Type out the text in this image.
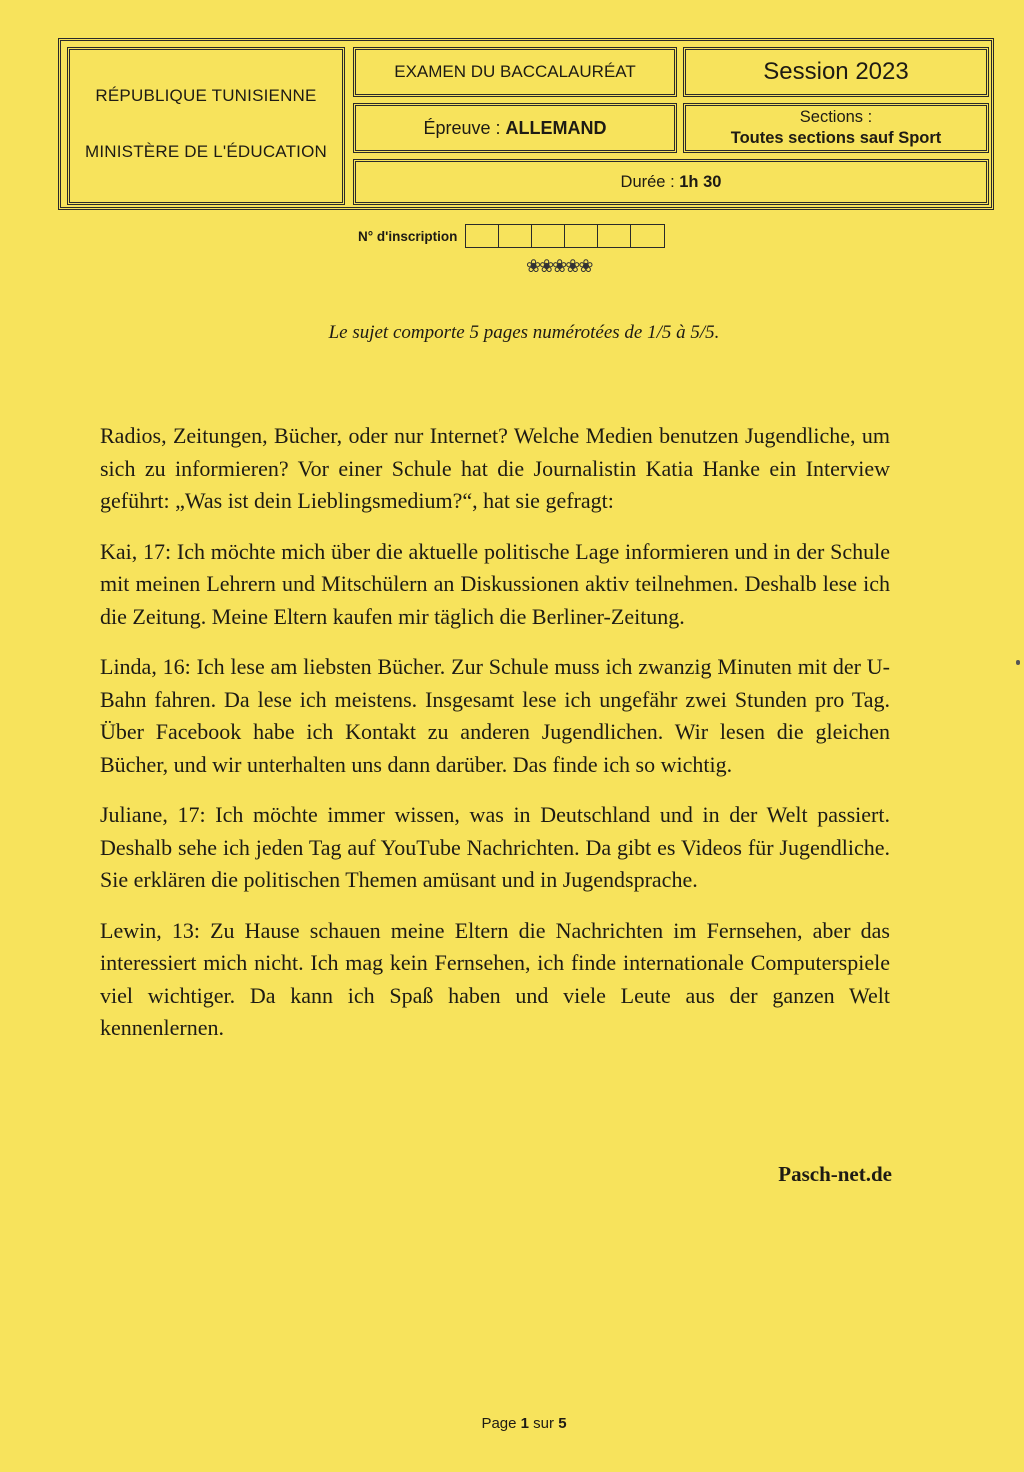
RÉPUBLIQUE TUNISIENNE
MINISTÈRE DE L'ÉDUCATION
EXAMEN DU BACCALAURÉAT	Session 2023
Épreuve : ALLEMAND
Sections :
Toutes sections sauf Sport
Durée : 1h 30
N° d'inscription
❀❀❀❀❀
Le sujet comporte 5 pages numérotées de 1/5 à 5/5.

Radios, Zeitungen, Bücher, oder nur Internet? Welche Medien benutzen Jugendliche, um sich zu informieren? Vor einer Schule hat die Journalistin Katia Hanke ein Interview geführt: „Was ist dein Lieblingsmedium?“, hat sie gefragt:

Kai, 17: Ich möchte mich über die aktuelle politische Lage informieren und in der Schule mit meinen Lehrern und Mitschülern an Diskussionen aktiv teilnehmen. Deshalb lese ich die Zeitung. Meine Eltern kaufen mir täglich die Berliner-Zeitung.

Linda, 16: Ich lese am liebsten Bücher. Zur Schule muss ich zwanzig Minuten mit der U-Bahn fahren. Da lese ich meistens. Insgesamt lese ich ungefähr zwei Stunden pro Tag. Über Facebook habe ich Kontakt zu anderen Jugendlichen. Wir lesen die gleichen Bücher, und wir unterhalten uns dann darüber. Das finde ich so wichtig.

Juliane, 17: Ich möchte immer wissen, was in Deutschland und in der Welt passiert. Deshalb sehe ich jeden Tag auf YouTube Nachrichten. Da gibt es Videos für Jugendliche. Sie erklären die politischen Themen amüsant und in Jugendsprache.

Lewin, 13: Zu Hause schauen meine Eltern die Nachrichten im Fernsehen, aber das interessiert mich nicht. Ich mag kein Fernsehen, ich finde internationale Computerspiele viel wichtiger. Da kann ich Spaß haben und viele Leute aus der ganzen Welt kennenlernen.

Pasch-net.de
Page 1 sur 5
